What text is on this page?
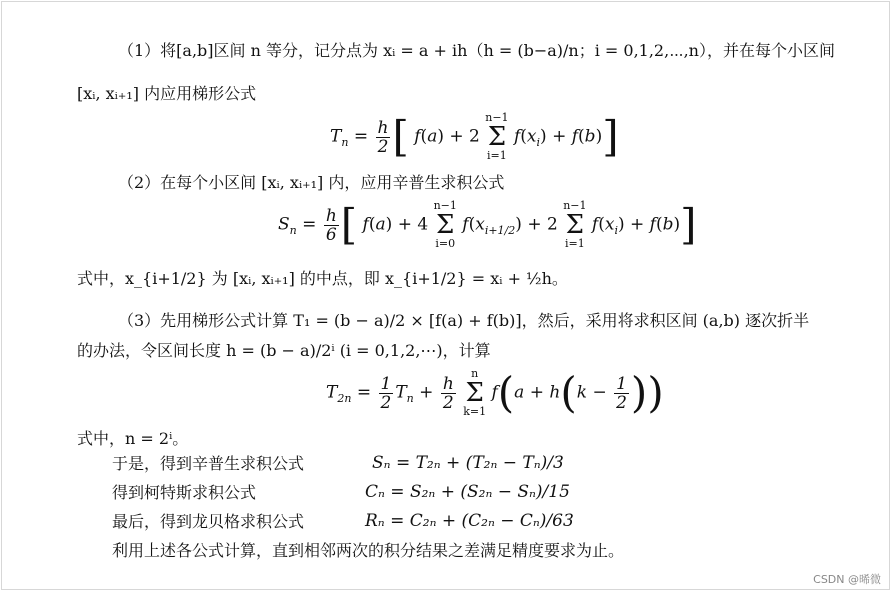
（1）将[a,b]区间 n 等分，记分点为 xᵢ = a + ih（h = (b−a)/n；i = 0,1,2,⋯,n），并在每个小区间
[xᵢ, xᵢ₊₁] 内应用梯形公式
$T_n = \frac{h}{2}$ [ f(a) + 2
n−1
Σ
i=1
$f(x_i) + f(b)$]
（2）在每个小区间 [xᵢ, xᵢ₊₁] 内，应用辛普生求积公式
$S_n = \frac{h}{6}$ [ f(a) + 4
n−1
Σ
i=0
$f(x_{i+1/2}) + 2$
n−1
Σ
i=1
$f(x_i) + f(b)$]
式中，x_{i+1/2} 为 [xᵢ, xᵢ₊₁] 的中点，即 x_{i+1/2} = xᵢ + ½h。
（3）先用梯形公式计算 T₁ = (b − a)/2 × [f(a) + f(b)]，然后，采用将求积区间 (a,b) 逐次折半
的办法，令区间长度 h = (b − a)/2ⁱ (i = 0,1,2,⋯)，计算
$T_{2n} = \frac{1}{2} T_n + \frac{h}{2}$

n
Σ
k=1
$f(a + h(k - \frac{1}{2}$ ))
式中，n = 2ⁱ。
于是，得到辛普生求积公式	Sₙ = T₂ₙ + (T₂ₙ − Tₙ)/3
得到柯特斯求积公式	Cₙ = S₂ₙ + (S₂ₙ − Sₙ)/15
最后，得到龙贝格求积公式	Rₙ = C₂ₙ + (C₂ₙ − Cₙ)/63
利用上述各公式计算，直到相邻两次的积分结果之差满足精度要求为止。
CSDN @晞微
